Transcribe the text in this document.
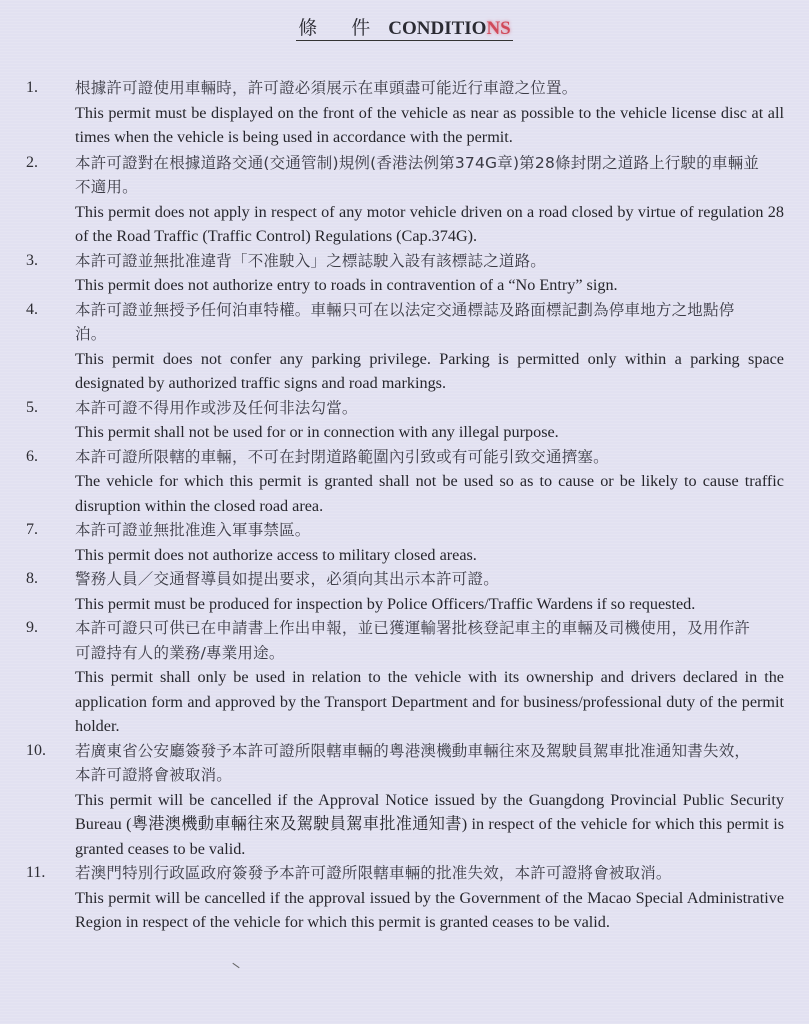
條 件 CONDITIONS
1. 根據許可證使用車輛時，許可證必須展示在車頭盡可能近行車證之位置。
This permit must be displayed on the front of the vehicle as near as possible to the vehicle license disc at all times when the vehicle is being used in accordance with the permit.
2. 本許可證對在根據道路交通(交通管制)規例(香港法例第374G章)第28條封閉之道路上行駛的車輛並不適用。
This permit does not apply in respect of any motor vehicle driven on a road closed by virtue of regulation 28 of the Road Traffic (Traffic Control) Regulations (Cap.374G).
3. 本許可證並無批准違背「不准駛入」之標誌駛入設有該標誌之道路。
This permit does not authorize entry to roads in contravention of a “No Entry” sign.
4. 本許可證並無授予任何泊車特權。車輛只可在以法定交通標誌及路面標記劃為停車地方之地點停泊。
This permit does not confer any parking privilege. Parking is permitted only within a parking space designated by authorized traffic signs and road markings.
5. 本許可證不得用作或涉及任何非法勾當。
This permit shall not be used for or in connection with any illegal purpose.
6. 本許可證所限轄的車輛，不可在封閉道路範圍內引致或有可能引致交通擠塞。
The vehicle for which this permit is granted shall not be used so as to cause or be likely to cause traffic disruption within the closed road area.
7. 本許可證並無批准進入軍事禁區。
This permit does not authorize access to military closed areas.
8. 警務人員／交通督導員如提出要求，必須向其出示本許可證。
This permit must be produced for inspection by Police Officers/Traffic Wardens if so requested.
9. 本許可證只可供已在申請書上作出申報，並已獲運輸署批核登記車主的車輛及司機使用，及用作許可證持有人的業務/專業用途。
This permit shall only be used in relation to the vehicle with its ownership and drivers declared in the application form and approved by the Transport Department and for business/professional duty of the permit holder.
10. 若廣東省公安廳簽發予本許可證所限轄車輛的粵港澳機動車輛往來及駕駛員駕車批准通知書失效，本許可證將會被取消。
This permit will be cancelled if the Approval Notice issued by the Guangdong Provincial Public Security Bureau (粵港澳機動車輛往來及駕駛員駕車批准通知書) in respect of the vehicle for which this permit is granted ceases to be valid.
11. 若澳門特別行政區政府簽發予本許可證所限轄車輛的批准失效，本許可證將會被取消。
This permit will be cancelled if the approval issued by the Government of the Macao Special Administrative Region in respect of the vehicle for which this permit is granted ceases to be valid.
